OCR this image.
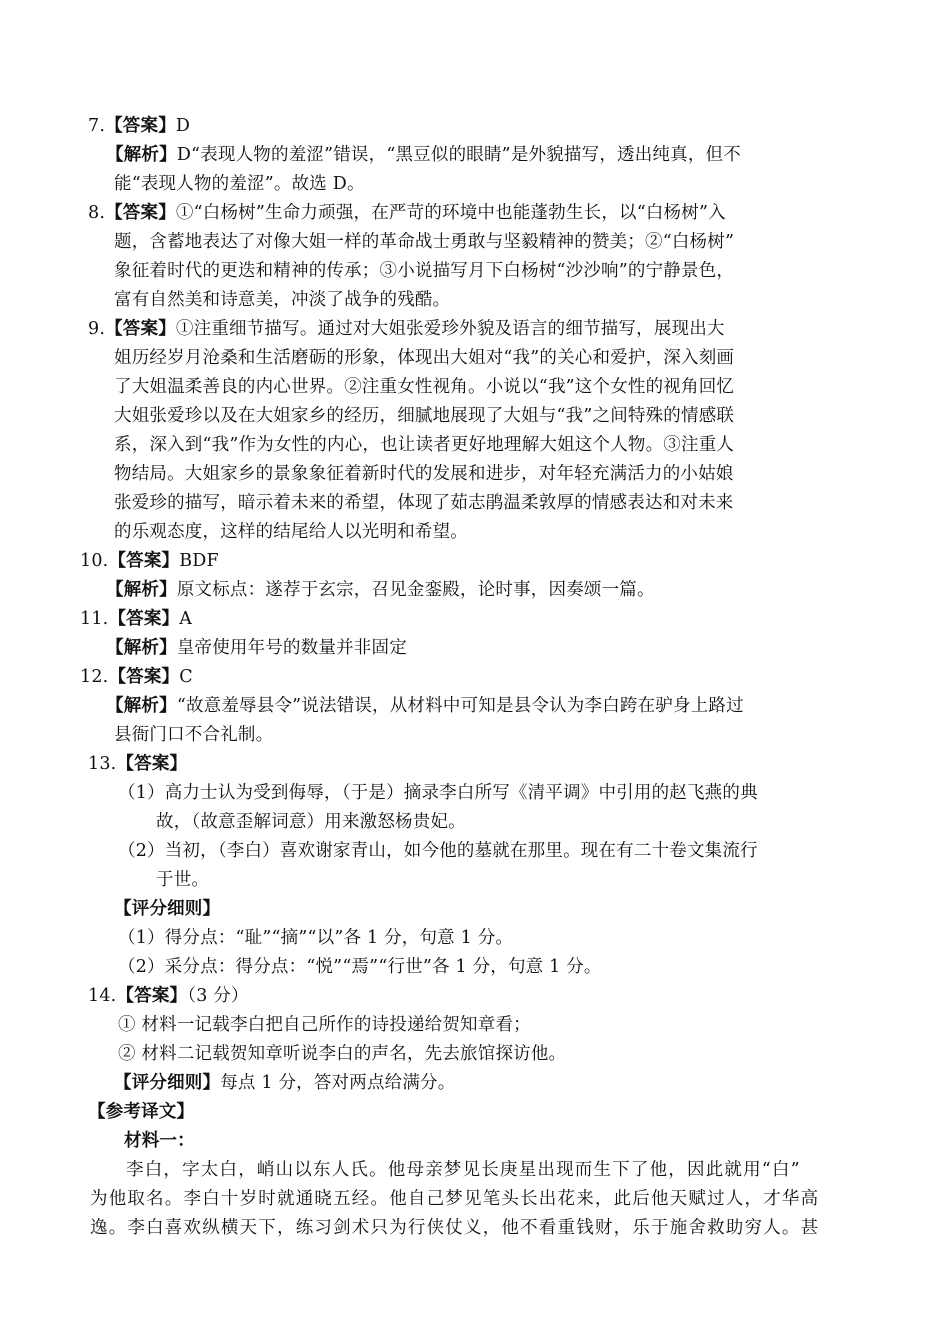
7.【答案】D
【解析】D“表现人物的羞涩”错误，“黑豆似的眼睛”是外貌描写，透出纯真，但不
能“表现人物的羞涩”。故选 D。
8.【答案】①“白杨树”生命力顽强，在严苛的环境中也能蓬勃生长，以“白杨树”入
题，含蓄地表达了对像大姐一样的革命战士勇敢与坚毅精神的赞美；②“白杨树”
象征着时代的更迭和精神的传承；③小说描写月下白杨树“沙沙响”的宁静景色，
富有自然美和诗意美，冲淡了战争的残酷。
9.【答案】①注重细节描写。通过对大姐张爱珍外貌及语言的细节描写，展现出大
姐历经岁月沧桑和生活磨砺的形象，体现出大姐对“我”的关心和爱护，深入刻画
了大姐温柔善良的内心世界。②注重女性视角。小说以“我”这个女性的视角回忆
大姐张爱珍以及在大姐家乡的经历，细腻地展现了大姐与“我”之间特殊的情感联
系，深入到“我”作为女性的内心，也让读者更好地理解大姐这个人物。③注重人
物结局。大姐家乡的景象象征着新时代的发展和进步，对年轻充满活力的小姑娘
张爱珍的描写，暗示着未来的希望，体现了茹志鹃温柔敦厚的情感表达和对未来
的乐观态度，这样的结尾给人以光明和希望。
10.【答案】BDF
【解析】原文标点：遂荐于玄宗，召见金銮殿，论时事，因奏颂一篇。
11.【答案】A
【解析】皇帝使用年号的数量并非固定
12.【答案】C
【解析】“故意羞辱县令”说法错误，从材料中可知是县令认为李白跨在驴身上路过
县衙门口不合礼制。
13.【答案】
（1）高力士认为受到侮辱，（于是）摘录李白所写《清平调》中引用的赵飞燕的典
故，（故意歪解词意）用来激怒杨贵妃。
（2）当初，（李白）喜欢谢家青山，如今他的墓就在那里。现在有二十卷文集流行
于世。
【评分细则】
（1）得分点：“耻”“摘”“以”各 1 分，句意 1 分。
（2）采分点：得分点：“悦”“焉”“行世”各 1 分，句意 1 分。
14.【答案】（3 分）
① 材料一记载李白把自己所作的诗投递给贺知章看；
② 材料二记载贺知章听说李白的声名，先去旅馆探访他。
【评分细则】每点 1 分，答对两点给满分。
【参考译文】
材料一：
李白，字太白，峭山以东人氏。他母亲梦见长庚星出现而生下了他，因此就用“白”
为他取名。李白十岁时就通晓五经。他自己梦见笔头长出花来，此后他天赋过人，才华高
逸。李白喜欢纵横天下，练习剑术只为行侠仗义，他不看重钱财，乐于施舍救助穷人。甚
